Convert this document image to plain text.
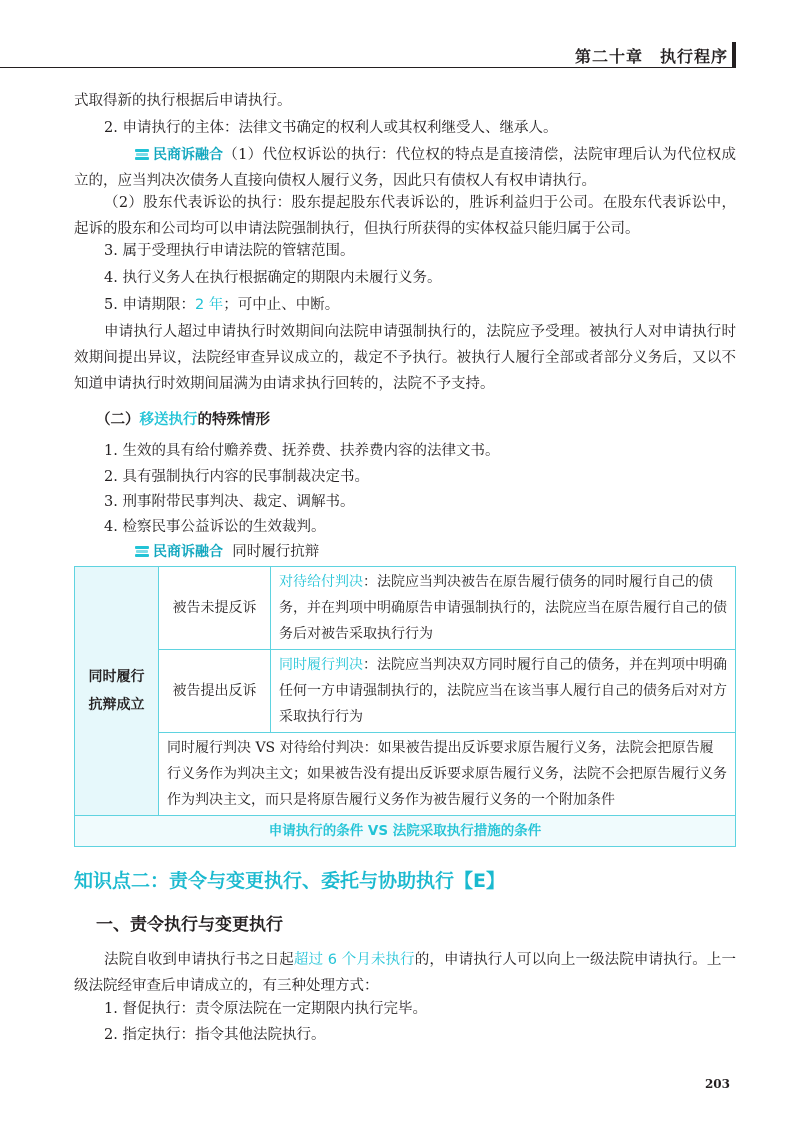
第二十章　执行程序

式取得新的执行根据后申请执行。

2. 申请执行的主体：法律文书确定的权利人或其权利继受人、继承人。

民商诉融合（1）代位权诉讼的执行：代位权的特点是直接清偿，法院审理后认为代位权成立的，应当判决次债务人直接向债权人履行义务，因此只有债权人有权申请执行。

（2）股东代表诉讼的执行：股东提起股东代表诉讼的，胜诉利益归于公司。在股东代表诉讼中，起诉的股东和公司均可以申请法院强制执行，但执行所获得的实体权益只能归属于公司。

3. 属于受理执行申请法院的管辖范围。

4. 执行义务人在执行根据确定的期限内未履行义务。

5. 申请期限：2 年；可中止、中断。

申请执行人超过申请执行时效期间向法院申请强制执行的，法院应予受理。被执行人对申请执行时效期间提出异议，法院经审查异议成立的，裁定不予执行。被执行人履行全部或者部分义务后，又以不知道申请执行时效期间届满为由请求执行回转的，法院不予支持。

（二）移送执行的特殊情形

1. 生效的具有给付赡养费、抚养费、扶养费内容的法律文书。

2. 具有强制执行内容的民事制裁决定书。

3. 刑事附带民事判决、裁定、调解书。

4. 检察民事公益诉讼的生效裁判。

民商诉融合 同时履行抗辩

同时履行抗辩成立	被告未提反诉	对待给付判决：法院应当判决被告在原告履行债务的同时履行自己的债务，并在判项中明确原告申请强制执行的，法院应当在原告履行自己的债务后对被告采取执行行为
	被告提出反诉	同时履行判决：法院应当判决双方同时履行自己的债务，并在判项中明确任何一方申请强制执行的，法院应当在该当事人履行自己的债务后对对方采取执行行为
	同时履行判决 VS 对待给付判决：如果被告提出反诉要求原告履行义务，法院会把原告履行义务作为判决主文；如果被告没有提出反诉要求原告履行义务，法院不会把原告履行义务作为判决主文，而只是将原告履行义务作为被告履行义务的一个附加条件	
申请执行的条件 VS 法院采取执行措施的条件		
知识点二：责令与变更执行、委托与协助执行【E】
一、责令执行与变更执行

法院自收到申请执行书之日起超过 6 个月未执行的，申请执行人可以向上一级法院申请执行。上一级法院经审查后申请成立的，有三种处理方式：

1. 督促执行：责令原法院在一定期限内执行完毕。

2. 指定执行：指令其他法院执行。

203
